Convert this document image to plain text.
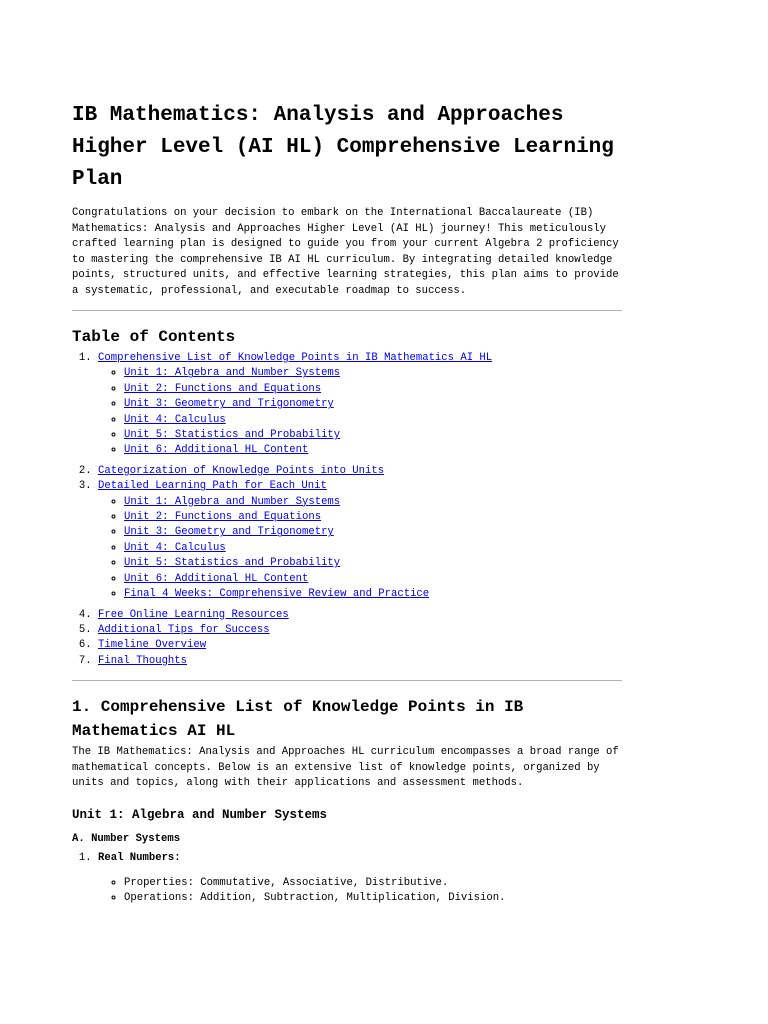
IB Mathematics: Analysis and Approaches Higher Level (AI HL) Comprehensive Learning Plan

Congratulations on your decision to embark on the International Baccalaureate (IB) Mathematics: Analysis and Approaches Higher Level (AI HL) journey! This meticulously crafted learning plan is designed to guide you from your current Algebra 2 proficiency to mastering the comprehensive IB AI HL curriculum. By integrating detailed knowledge points, structured units, and effective learning strategies, this plan aims to provide a systematic, professional, and executable roadmap to success.

Table of Contents
1. Comprehensive List of Knowledge Points in IB Mathematics AI HL
◦ Unit 1: Algebra and Number Systems
◦ Unit 2: Functions and Equations
◦ Unit 3: Geometry and Trigonometry
◦ Unit 4: Calculus
◦ Unit 5: Statistics and Probability
◦ Unit 6: Additional HL Content
2. Categorization of Knowledge Points into Units
3. Detailed Learning Path for Each Unit
◦ Unit 1: Algebra and Number Systems
◦ Unit 2: Functions and Equations
◦ Unit 3: Geometry and Trigonometry
◦ Unit 4: Calculus
◦ Unit 5: Statistics and Probability
◦ Unit 6: Additional HL Content
◦ Final 4 Weeks: Comprehensive Review and Practice
4. Free Online Learning Resources
5. Additional Tips for Success
6. Timeline Overview
7. Final Thoughts
1. Comprehensive List of Knowledge Points in IB Mathematics AI HL

The IB Mathematics: Analysis and Approaches HL curriculum encompasses a broad range of mathematical concepts. Below is an extensive list of knowledge points, organized by units and topics, along with their applications and assessment methods.

Unit 1: Algebra and Number Systems
A. Number Systems
1. Real Numbers:
◦ Properties: Commutative, Associative, Distributive.
◦ Operations: Addition, Subtraction, Multiplication, Division.
